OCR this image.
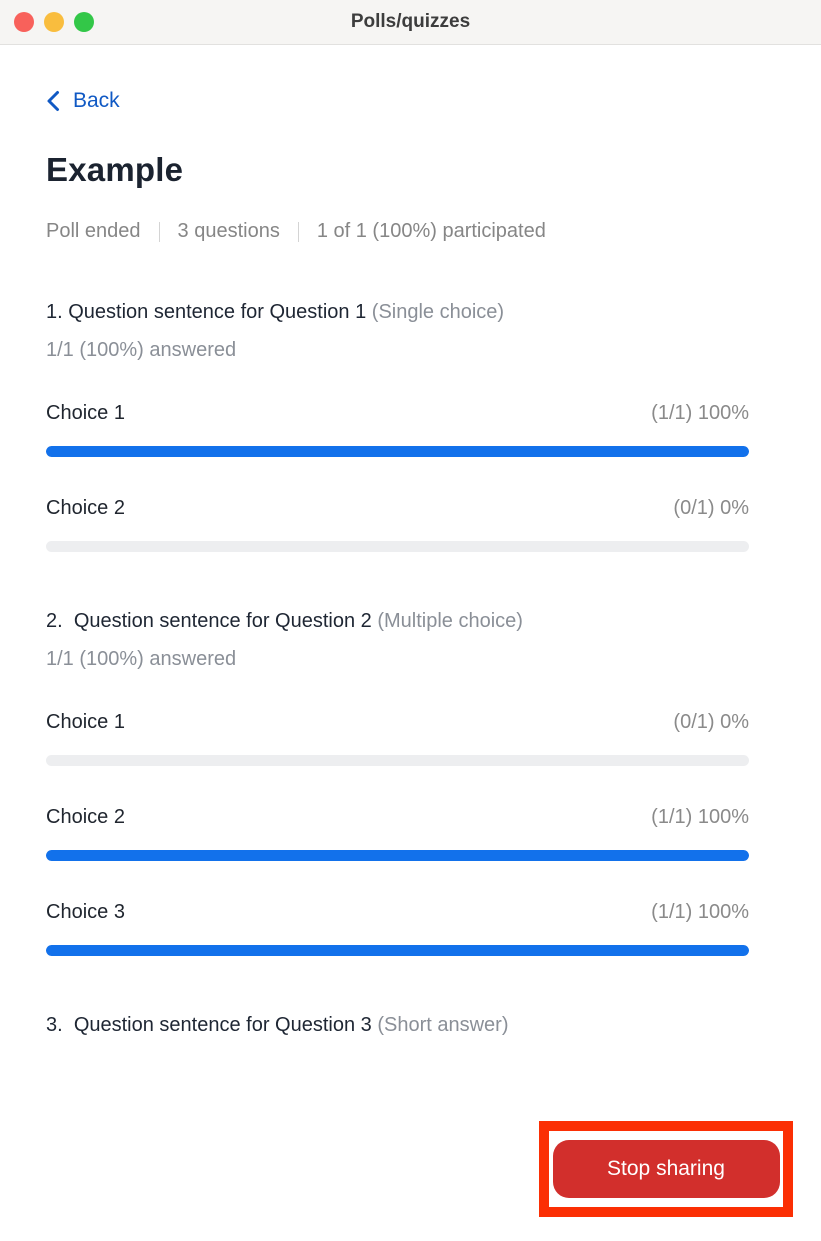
Polls/quizzes
Back
Example
Poll ended 3 questions 1 of 1 (100%) participated
1. Question sentence for Question 1 (Single choice)
1/1 (100%) answered
Choice 1	(1/1) 100%
Choice 2	(0/1) 0%
2. Question sentence for Question 2 (Multiple choice)
1/1 (100%) answered
Choice 1	(0/1) 0%
Choice 2	(1/1) 100%
Choice 3	(1/1) 100%
3. Question sentence for Question 3 (Short answer)
Stop sharing
